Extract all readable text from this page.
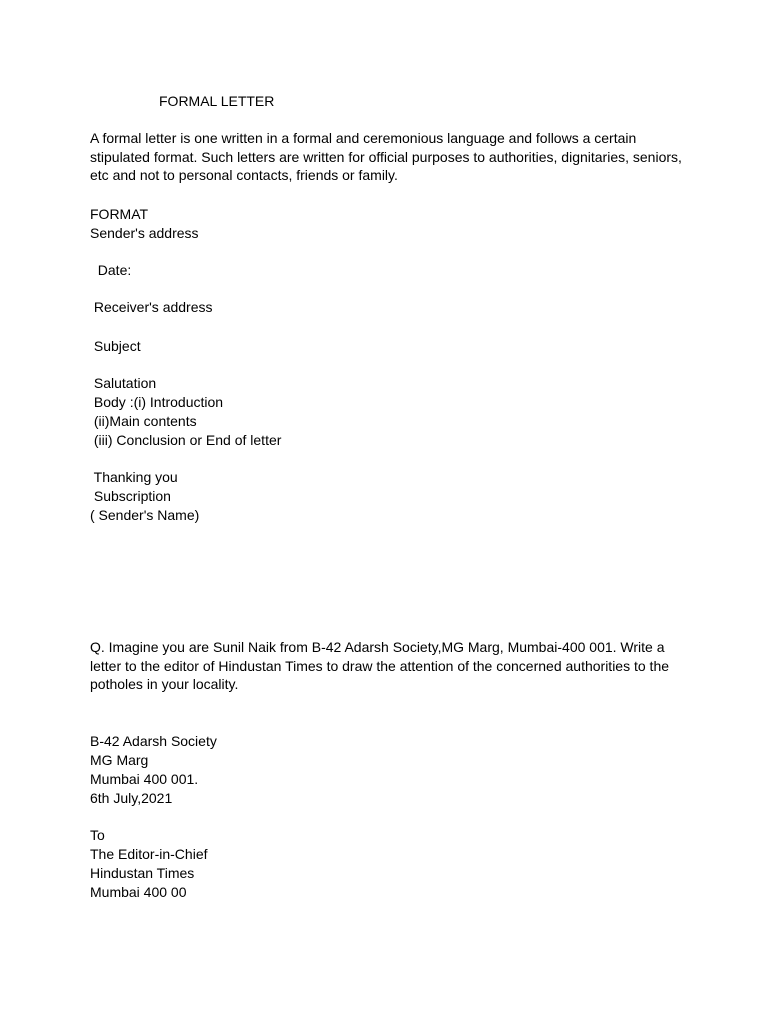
FORMAL LETTER

A formal letter is one written in a formal and ceremonious language and follows a certain stipulated format. Such letters are written for official purposes to authorities, dignitaries, seniors, etc and not to personal contacts, friends or family.

FORMAT
Sender's address
Date:
Receiver's address
Subject
Salutation
Body :(i) Introduction
(ii)Main contents
(iii) Conclusion or End of letter
Thanking you
Subscription
( Sender's Name)

Q. Imagine you are Sunil Naik from B-42 Adarsh Society,MG Marg, Mumbai-400 001. Write a letter to the editor of Hindustan Times to draw the attention of the concerned authorities to the potholes in your locality.

B-42 Adarsh Society
MG Marg
Mumbai 400 001.
6th July,2021
To
The Editor-in-Chief
Hindustan Times
Mumbai 400 00
